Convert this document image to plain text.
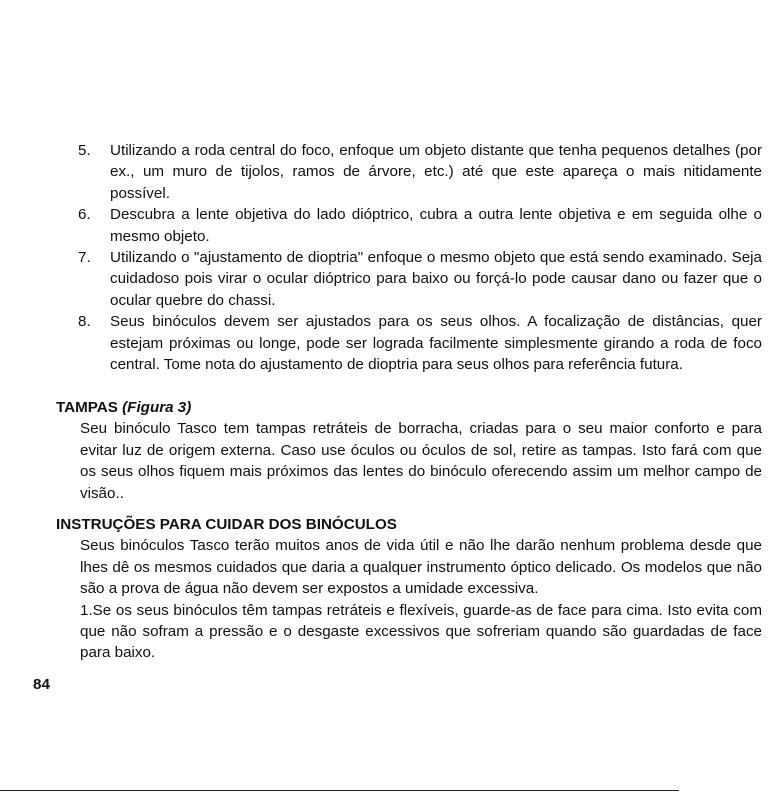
5. Utilizando a roda central do foco, enfoque um objeto distante que tenha pequenos detalhes (por ex., um muro de tijolos, ramos de árvore, etc.) até que este apareça o mais nitidamente possível.
6. Descubra a lente objetiva do lado dióptrico, cubra a outra lente objetiva e em seguida olhe o mesmo objeto.
7. Utilizando o "ajustamento de dioptria" enfoque o mesmo objeto que está sendo examinado. Seja cuidadoso pois virar o ocular dióptrico para baixo ou forçá-lo pode causar dano ou fazer que o ocular quebre do chassi.
8. Seus binóculos devem ser ajustados para os seus olhos. A focalização de distâncias, quer estejam próximas ou longe, pode ser lograda facilmente simplesmente girando a roda de foco central. Tome nota do ajustamento de dioptria para seus olhos para referência futura.
TAMPAS (Figura 3)

Seu binóculo Tasco tem tampas retráteis de borracha, criadas para o seu maior conforto e para evitar luz de origem externa. Caso use óculos ou óculos de sol, retire as tampas. Isto fará com que os seus olhos fiquem mais próximos das lentes do binóculo oferecendo assim um melhor campo de visão..

INSTRUÇÕES PARA CUIDAR DOS BINÓCULOS

Seus binóculos Tasco terão muitos anos de vida útil e não lhe darão nenhum problema desde que lhes dê os mesmos cuidados que daria a qualquer instrumento óptico delicado. Os modelos que não são a prova de água não devem ser expostos a umidade excessiva.

1.Se os seus binóculos têm tampas retráteis e flexíveis, guarde-as de face para cima. Isto evita com que não sofram a pressão e o desgaste excessivos que sofreriam quando são guardadas de face para baixo.

84
